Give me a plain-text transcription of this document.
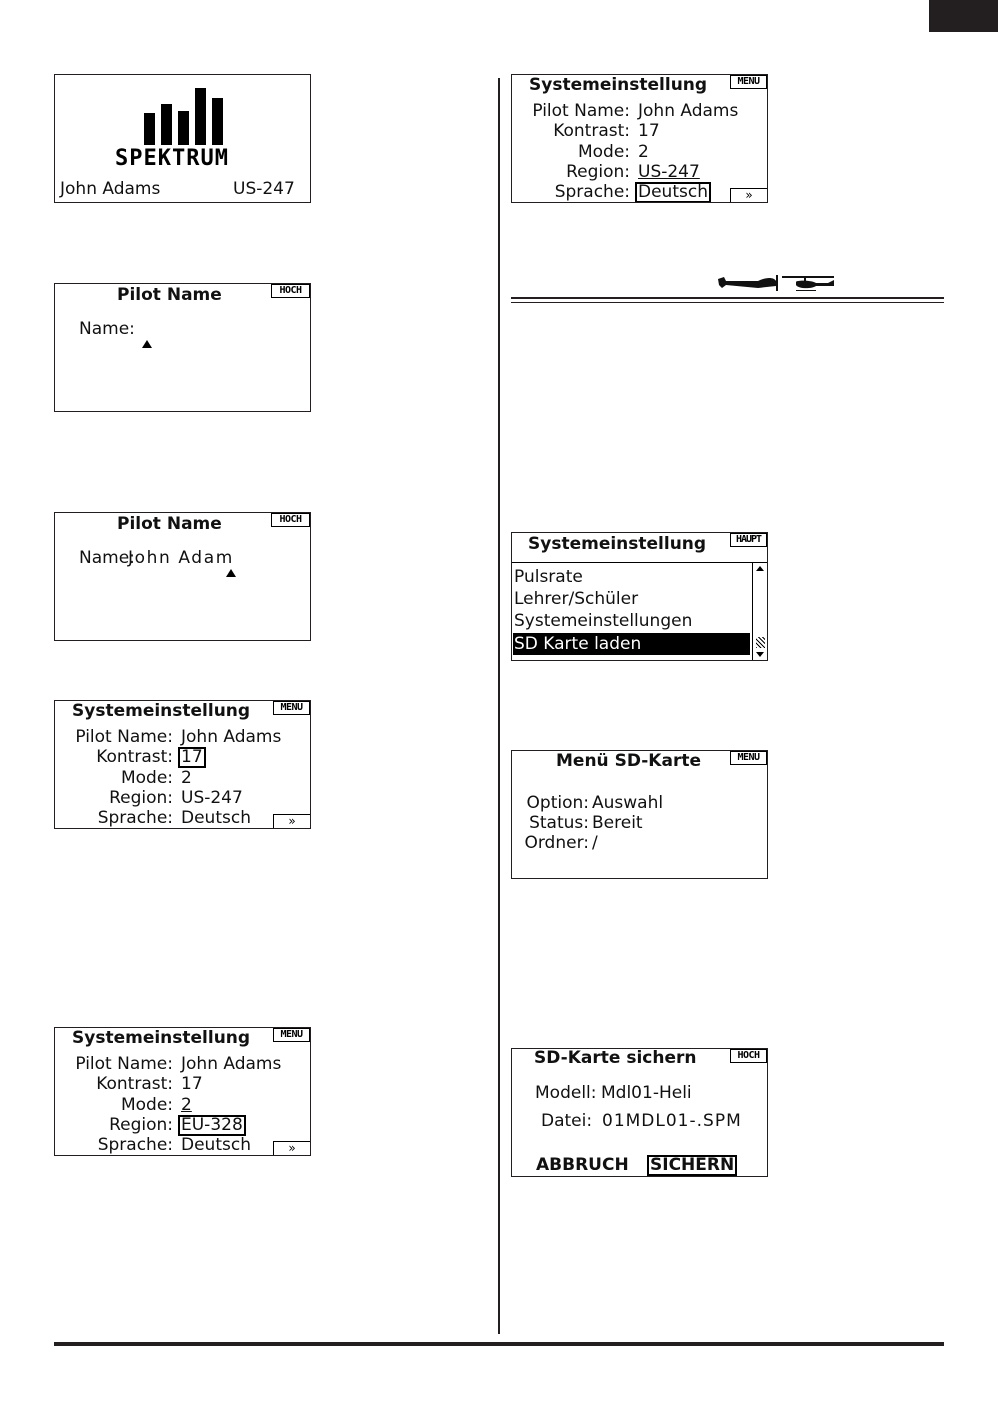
SPEKTRUM
John Adams	US-247
Pilot Name	HOCH
Name:
Pilot Name	HOCH
Name:
John Adam
Systemeinstellung	MENU
Pilot Name: John Adams
Kontrast: 17
Mode: 2
Region: US-247
Sprache: Deutsch	»
Systemeinstellung	MENU
Pilot Name: John Adams
Kontrast: 17
Mode: 2
Region: EU-328
Sprache: Deutsch	»
Systemeinstellung	MENU
Pilot Name: John Adams
Kontrast: 17
Mode: 2
Region: US-247
Sprache: Deutsch	»
Systemeinstellung	HAUPT
Pulsrate
Lehrer/Schüler
Systemeinstellungen
SD Karte laden
Menü SD-Karte	MENU
Option: Auswahl
Status: Bereit
Ordner: /
SD-Karte sichern	HOCH
Modell: Mdl01-Heli
Datei: 01MDL01-.SPM
ABBRUCH SICHERN
